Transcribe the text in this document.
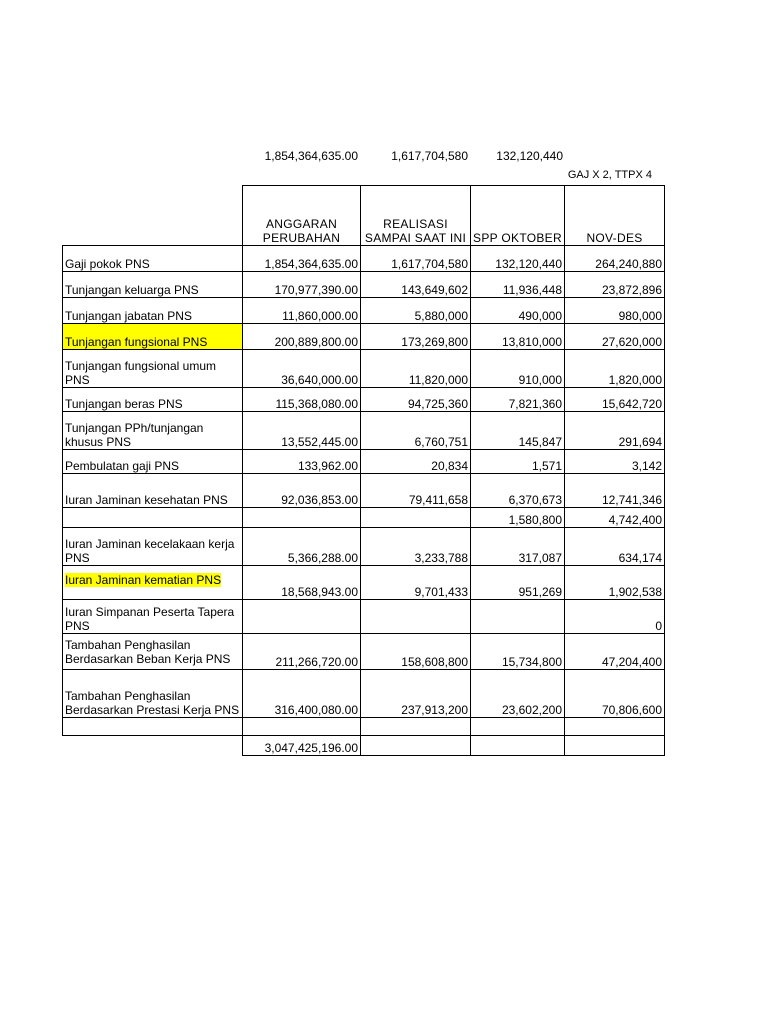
1,854,364,635.00	1,617,704,580	132,120,440
GAJ X 2, TTPX 4
	ANGGARAN PERUBAHAN	REALISASI SAMPAI SAAT INI	SPP OKTOBER	NOV-DES
Gaji pokok PNS	1,854,364,635.00	1,617,704,580	132,120,440	264,240,880
Tunjangan keluarga PNS	170,977,390.00	143,649,602	11,936,448	23,872,896
Tunjangan jabatan PNS	11,860,000.00	5,880,000	490,000	980,000
Tunjangan fungsional PNS	200,889,800.00	173,269,800	13,810,000	27,620,000
Tunjangan fungsional umum PNS	36,640,000.00	11,820,000	910,000	1,820,000
Tunjangan beras PNS	115,368,080.00	94,725,360	7,821,360	15,642,720
Tunjangan PPh/tunjangan khusus PNS	13,552,445.00	6,760,751	145,847	291,694
Pembulatan gaji PNS	133,962.00	20,834	1,571	3,142
Iuran Jaminan kesehatan PNS	92,036,853.00	79,411,658	6,370,673	12,741,346
			1,580,800	4,742,400
Iuran Jaminan kecelakaan kerja PNS	5,366,288.00	3,233,788	317,087	634,174
Iuran Jaminan kematian PNS	18,568,943.00	9,701,433	951,269	1,902,538
Iuran Simpanan Peserta Tapera PNS				0

Tambahan Penghasilan Berdasarkan Beban Kerja PNS	211,266,720.00	158,608,800	15,734,800	47,204,400
Tambahan Penghasilan Berdasarkan Prestasi Kerja PNS	316,400,080.00	237,913,200	23,602,200	70,806,600

	3,047,425,196.00			
